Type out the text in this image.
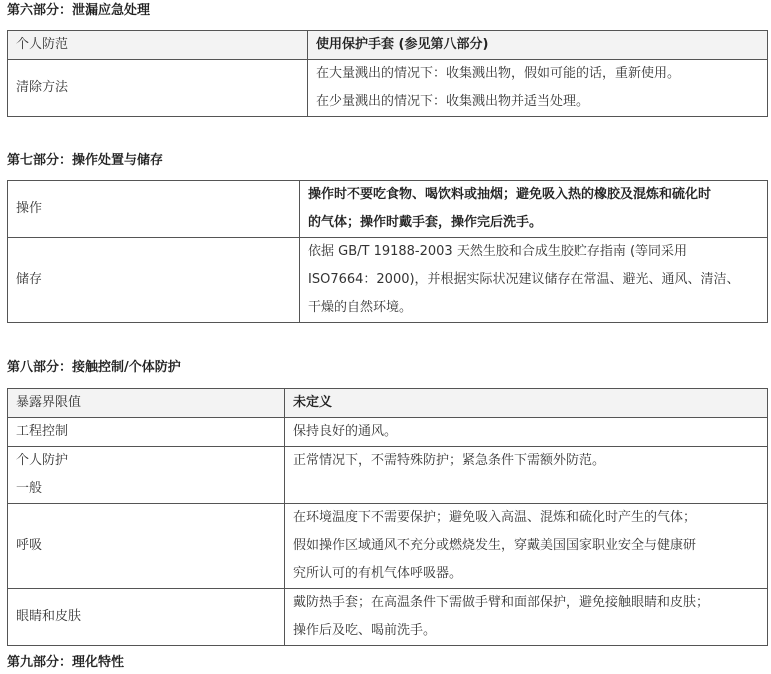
第六部分：泄漏应急处理
个人防范	使用保护手套 (参见第八部分)
清除方法	在大量溅出的情况下：收集溅出物，假如可能的话，重新使用。
在少量溅出的情况下：收集溅出物并适当处理。
第七部分：操作处置与储存
操作	操作时不要吃食物、喝饮料或抽烟；避免吸入热的橡胶及混炼和硫化时
的气体；操作时戴手套，操作完后洗手。

储存	依据 GB/T 19188-2003 天然生胶和合成生胶贮存指南 (等同采用
ISO7664：2000)，并根据实际状况建议储存在常温、避光、通风、清洁、
干燥的自然环境。
第八部分：接触控制/个体防护
暴露界限值	未定义
工程控制	保持良好的通风。

个人防护
一般	正常情况下，不需特殊防护；紧急条件下需额外防范。
呼吸	在环境温度下不需要保护；避免吸入高温、混炼和硫化时产生的气体；
假如操作区域通风不充分或燃烧发生，穿戴美国国家职业安全与健康研
究所认可的有机气体呼吸器。

眼睛和皮肤	戴防热手套；在高温条件下需做手臂和面部保护，避免接触眼睛和皮肤；
操作后及吃、喝前洗手。
第九部分：理化特性
